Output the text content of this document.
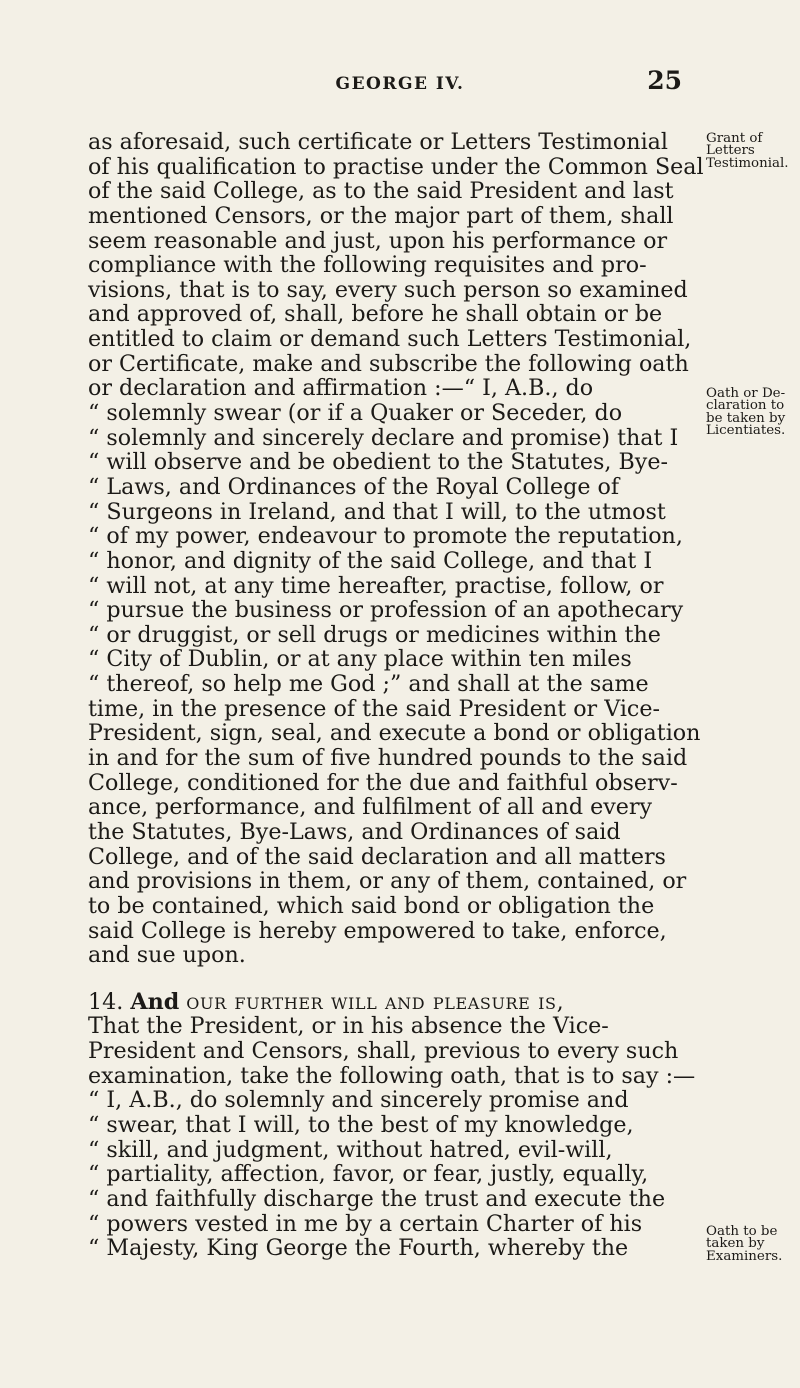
GEORGE IV.	25
as aforesaid, such certificate or Letters Testimonial
of his qualification to practise under the Common Seal
of the said College, as to the said President and last
mentioned Censors, or the major part of them, shall
seem reasonable and just, upon his performance or
compliance with the following requisites and pro-
visions, that is to say, every such person so examined
and approved of, shall, before he shall obtain or be
entitled to claim or demand such Letters Testimonial,
or Certificate, make and subscribe the following oath
or declaration and affirmation :—“ I, A.B., do
“ solemnly swear (or if a Quaker or Seceder, do
“ solemnly and sincerely declare and promise) that I
“ will observe and be obedient to the Statutes, Bye-
“ Laws, and Ordinances of the Royal College of
“ Surgeons in Ireland, and that I will, to the utmost
“ of my power, endeavour to promote the reputation,
“ honor, and dignity of the said College, and that I
“ will not, at any time hereafter, practise, follow, or
“ pursue the business or profession of an apothecary
“ or druggist, or sell drugs or medicines within the
“ City of Dublin, or at any place within ten miles
“ thereof, so help me God ;” and shall at the same
time, in the presence of the said President or Vice-
President, sign, seal, and execute a bond or obligation
in and for the sum of five hundred pounds to the said
College, conditioned for the due and faithful observ-
ance, performance, and fulfilment of all and every
the Statutes, Bye-Laws, and Ordinances of said
College, and of the said declaration and all matters
and provisions in them, or any of them, contained, or
to be contained, which said bond or obligation the
said College is hereby empowered to take, enforce,
and sue upon.
14. And our further will and pleasure is,
That the President, or in his absence the Vice-
President and Censors, shall, previous to every such
examination, take the following oath, that is to say :—
“ I, A.B., do solemnly and sincerely promise and
“ swear, that I will, to the best of my knowledge,
“ skill, and judgment, without hatred, evil-will,
“ partiality, affection, favor, or fear, justly, equally,
“ and faithfully discharge the trust and execute the
“ powers vested in me by a certain Charter of his
“ Majesty, King George the Fourth, whereby the
Grant of
Letters
Testimonial.
Oath or De-
claration to
be taken by
Licentiates.
Oath to be
taken by
Examiners.
